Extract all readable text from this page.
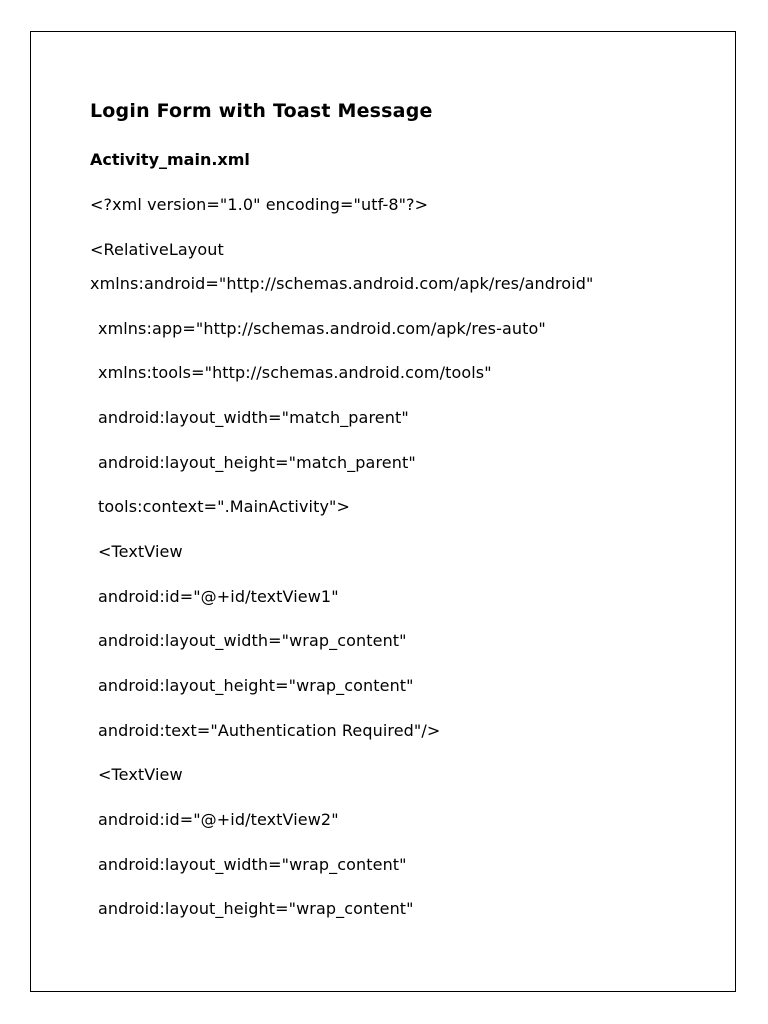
Login Form with Toast Message
Activity_main.xml
<?xml version="1.0" encoding="utf-8"?>
<RelativeLayout
xmlns:android="http://schemas.android.com/apk/res/android"
xmlns:app="http://schemas.android.com/apk/res-auto"
xmlns:tools="http://schemas.android.com/tools"
android:layout_width="match_parent"
android:layout_height="match_parent"
tools:context=".MainActivity">
<TextView
android:id="@+id/textView1"
android:layout_width="wrap_content"
android:layout_height="wrap_content"
android:text="Authentication Required"/>
<TextView
android:id="@+id/textView2"
android:layout_width="wrap_content"
android:layout_height="wrap_content"
